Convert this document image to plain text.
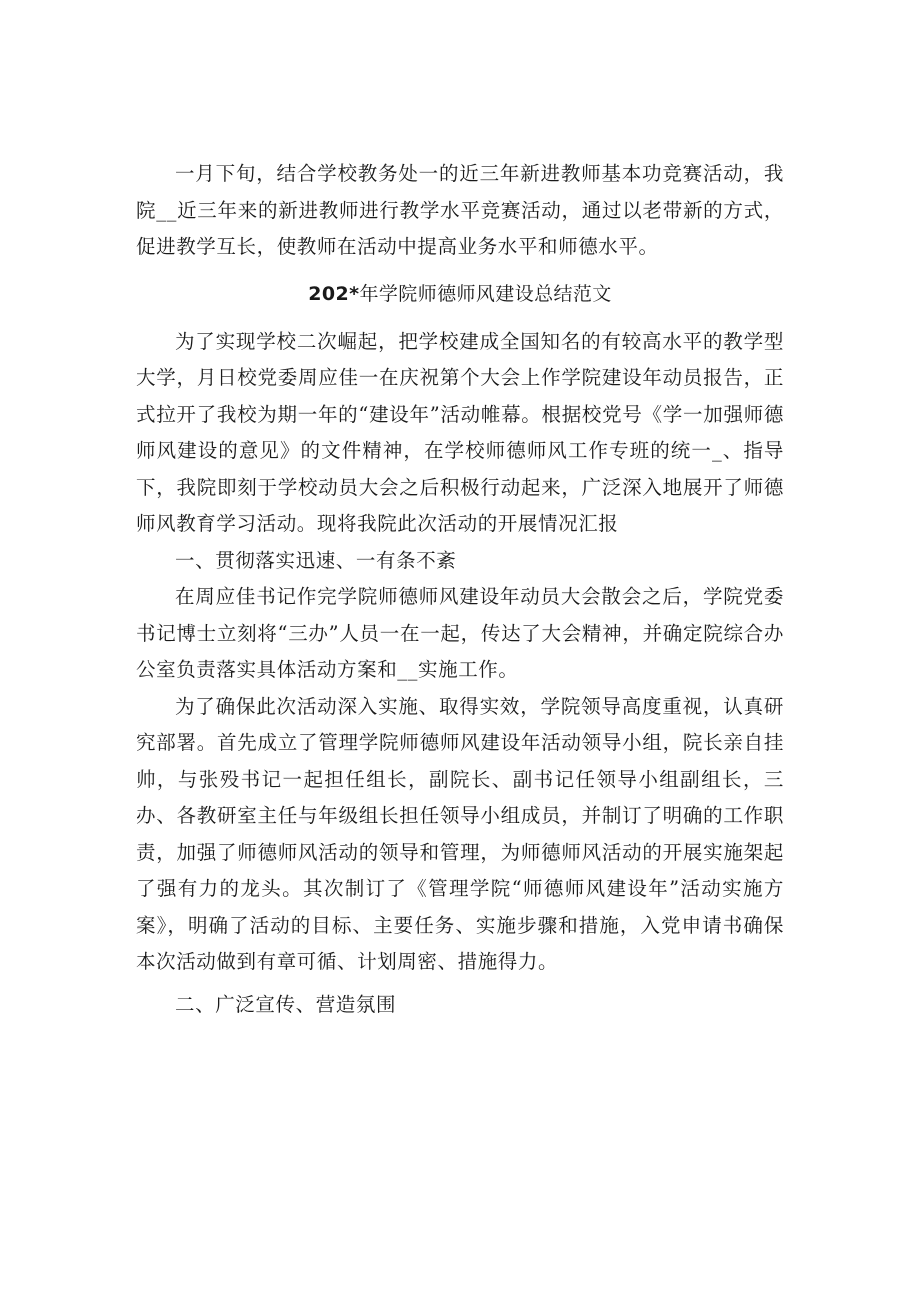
一月下旬，结合学校教务处一的近三年新进教师基本功竞赛活动，我院__近三年来的新进教师进行教学水平竞赛活动，通过以老带新的方式，促进教学互长，使教师在活动中提高业务水平和师德水平。

202*年学院师德师风建设总结范文

为了实现学校二次崛起，把学校建成全国知名的有较高水平的教学型大学，月日校党委周应佳一在庆祝第个大会上作学院建设年动员报告，正式拉开了我校为期一年的“建设年”活动帷幕。根据校党号《学一加强师德师风建设的意见》的文件精神，在学校师德师风工作专班的统一_、指导下，我院即刻于学校动员大会之后积极行动起来，广泛深入地展开了师德师风教育学习活动。现将我院此次活动的开展情况汇报

一、贯彻落实迅速、一有条不紊

在周应佳书记作完学院师德师风建设年动员大会散会之后，学院党委书记博士立刻将“三办”人员一在一起，传达了大会精神，并确定院综合办公室负责落实具体活动方案和__实施工作。

为了确保此次活动深入实施、取得实效，学院领导高度重视，认真研究部署。首先成立了管理学院师德师风建设年活动领导小组，院长亲自挂帅，与张殁书记一起担任组长，副院长、副书记任领导小组副组长，三办、各教研室主任与年级组长担任领导小组成员，并制订了明确的工作职责，加强了师德师风活动的领导和管理，为师德师风活动的开展实施架起了强有力的龙头。其次制订了《管理学院“师德师风建设年”活动实施方案》，明确了活动的目标、主要任务、实施步骤和措施，入党申请书确保本次活动做到有章可循、计划周密、措施得力。

二、广泛宣传、营造氛围
